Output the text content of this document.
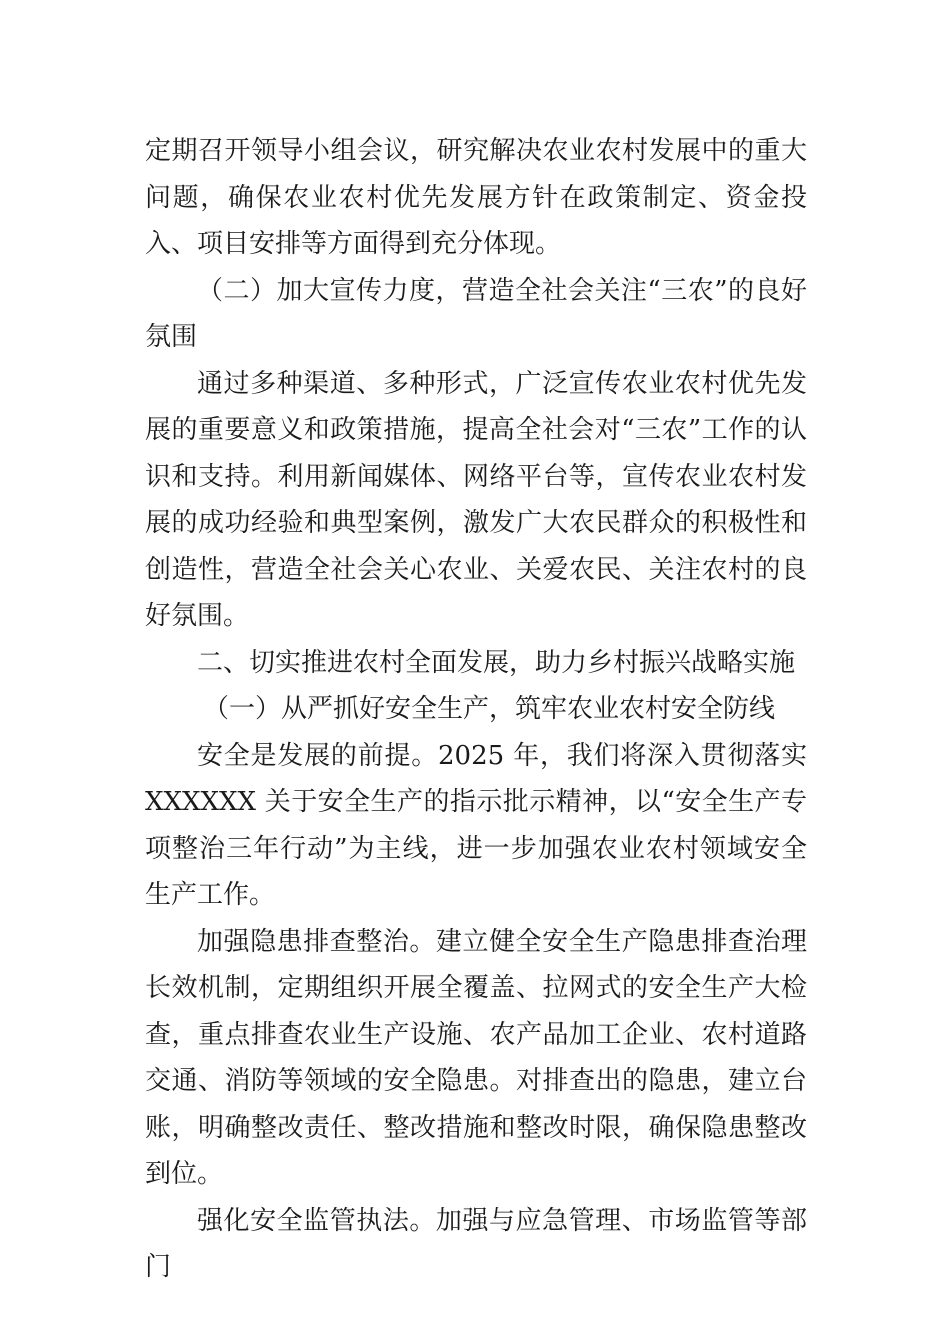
定期召开领导小组会议，研究解决农业农村发展中的重大问题，确保农业农村优先发展方针在政策制定、资金投入、项目安排等方面得到充分体现。

（二）加大宣传力度，营造全社会关注“三农”的良好氛围

通过多种渠道、多种形式，广泛宣传农业农村优先发展的重要意义和政策措施，提高全社会对“三农”工作的认识和支持。利用新闻媒体、网络平台等，宣传农业农村发展的成功经验和典型案例，激发广大农民群众的积极性和创造性，营造全社会关心农业、关爱农民、关注农村的良好氛围。

二、切实推进农村全面发展，助力乡村振兴战略实施

（一）从严抓好安全生产，筑牢农业农村安全防线

安全是发展的前提。2025 年，我们将深入贯彻落实 XXXXXX 关于安全生产的指示批示精神，以“安全生产专项整治三年行动”为主线，进一步加强农业农村领域安全生产工作。

加强隐患排查整治。建立健全安全生产隐患排查治理长效机制，定期组织开展全覆盖、拉网式的安全生产大检查，重点排查农业生产设施、农产品加工企业、农村道路交通、消防等领域的安全隐患。对排查出的隐患，建立台账，明确整改责任、整改措施和整改时限，确保隐患整改到位。

强化安全监管执法。加强与应急管理、市场监管等部门
